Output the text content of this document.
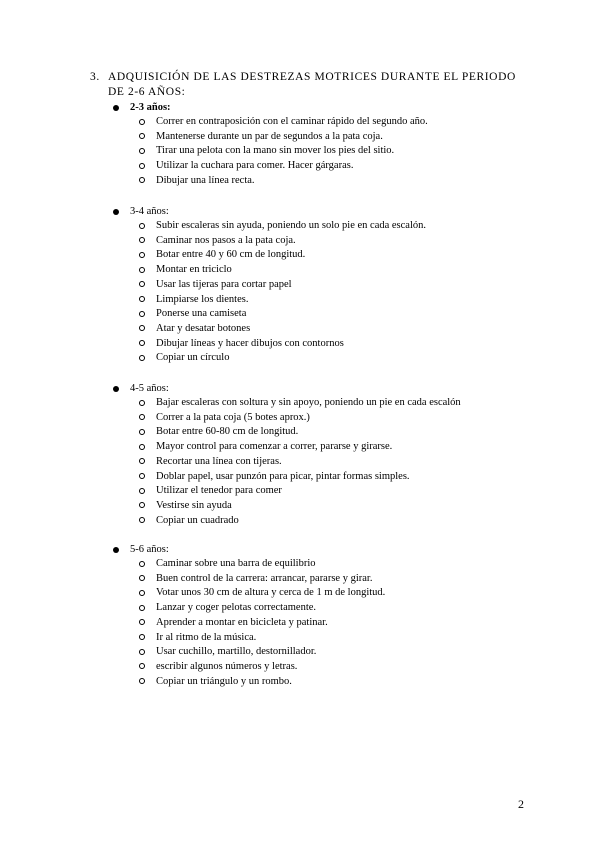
3. ADQUISICIÓN DE LAS DESTREZAS MOTRICES DURANTE EL PERIODO DE 2-6 AÑOS:
2-3 años:
Correr en contraposición con el caminar rápido del segundo año.
Mantenerse durante un par de segundos a la pata coja.
Tirar una pelota con la mano sin mover los pies del sitio.
Utilizar la cuchara para comer. Hacer gárgaras.
Dibujar una línea recta.
3-4 años:
Subir escaleras sin ayuda, poniendo un solo pie en cada escalón.
Caminar nos pasos a la pata coja.
Botar entre 40 y 60 cm de longitud.
Montar en triciclo
Usar las tijeras para cortar papel
Limpiarse los dientes.
Ponerse una camiseta
Atar y desatar botones
Dibujar líneas y hacer dibujos con contornos
Copiar un círculo
4-5 años:
Bajar escaleras con soltura y sin apoyo, poniendo un pie en cada escalón
Correr a la pata coja (5 botes aprox.)
Botar entre 60-80 cm de longitud.
Mayor control para comenzar a correr, pararse y girarse.
Recortar una línea con tijeras.
Doblar papel, usar punzón para picar, pintar formas simples.
Utilizar el tenedor para comer
Vestirse sin ayuda
Copiar un cuadrado
5-6 años:
Caminar sobre una barra de equilibrio
Buen control de la carrera: arrancar, pararse y girar.
Votar unos 30 cm de altura y cerca de 1 m de longitud.
Lanzar y coger pelotas correctamente.
Aprender a montar en bicicleta y patinar.
Ir al ritmo de la música.
Usar cuchillo, martillo, destornillador.
escribir algunos números y letras.
Copiar un triángulo y un rombo.
2
